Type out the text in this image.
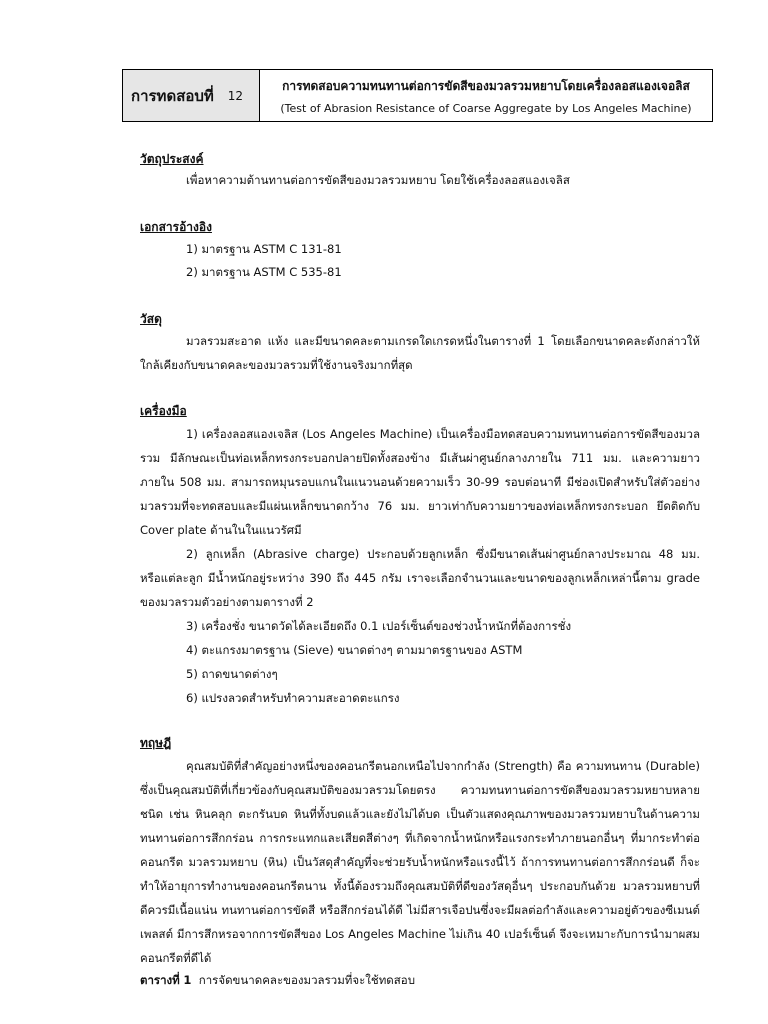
การทดสอบที่ 12
การทดสอบความทนทานต่อการขัดสีของมวลรวมหยาบโดยเครื่องลอสแองเจอลิส
(Test of Abrasion Resistance of Coarse Aggregate by Los Angeles Machine)
วัตถุประสงค์
เพื่อหาความต้านทานต่อการขัดสีของมวลรวมหยาบ โดยใช้เครื่องลอสแองเจลิส
เอกสารอ้างอิง
1) มาตรฐาน ASTM C 131-81
2) มาตรฐาน ASTM C 535-81
วัสดุ
มวลรวมสะอาด แห้ง และมีขนาดคละตามเกรดใดเกรดหนึ่งในตารางที่ 1 โดยเลือกขนาดคละดังกล่าวให้
ใกล้เคียงกับขนาดคละของมวลรวมที่ใช้งานจริงมากที่สุด
เครื่องมือ
1) เครื่องลอสแองเจลิส (Los Angeles Machine) เป็นเครื่องมือทดสอบความทนทานต่อการขัดสีของมวล
รวม มีลักษณะเป็นท่อเหล็กทรงกระบอกปลายปิดทั้งสองข้าง มีเส้นผ่าศูนย์กลางภายใน 711 มม. และความยาว
ภายใน 508 มม. สามารถหมุนรอบแกนในแนวนอนด้วยความเร็ว 30-99 รอบต่อนาที มีช่องเปิดสำหรับใส่ตัวอย่าง
มวลรวมที่จะทดสอบและมีแผ่นเหล็กขนาดกว้าง 76 มม. ยาวเท่ากับความยาวของท่อเหล็กทรงกระบอก ยึดติดกับ
Cover plate ด้านในในแนวรัศมี
2) ลูกเหล็ก (Abrasive charge) ประกอบด้วยลูกเหล็ก ซึ่งมีขนาดเส้นผ่าศูนย์กลางประมาณ 48 มม.
หรือแต่ละลูก มีน้ำหนักอยู่ระหว่าง 390 ถึง 445 กรัม เราจะเลือกจำนวนและขนาดของลูกเหล็กเหล่านี้ตาม grade
ของมวลรวมตัวอย่างตามตารางที่ 2
3) เครื่องชั่ง ขนาดวัดได้ละเอียดถึง 0.1 เปอร์เซ็นต์ของช่วงน้ำหนักที่ต้องการชั่ง
4) ตะแกรงมาตรฐาน (Sieve) ขนาดต่างๆ ตามมาตรฐานของ ASTM
5) ถาดขนาดต่างๆ
6) แปรงลวดสำหรับทำความสะอาดตะแกรง
ทฤษฎี
คุณสมบัติที่สำคัญอย่างหนึ่งของคอนกรีตนอกเหนือไปจากกำลัง (Strength) คือ ความทนทาน (Durable)
ซึ่งเป็นคุณสมบัติที่เกี่ยวข้องกับคุณสมบัติของมวลรวมโดยตรง ความทนทานต่อการขัดสีของมวลรวมหยาบหลาย
ชนิด เช่น หินคลุก ตะกรันบด หินที่ทั้งบดแล้วและยังไม่ได้บด เป็นตัวแสดงคุณภาพของมวลรวมหยาบในด้านความ
ทนทานต่อการสึกกร่อน การกระแทกและเสียดสีต่างๆ ที่เกิดจากน้ำหนักหรือแรงกระทำภายนอกอื่นๆ ที่มากระทำต่อ
คอนกรีต มวลรวมหยาบ (หิน) เป็นวัสดุสำคัญที่จะช่วยรับน้ำหนักหรือแรงนี้ไว้ ถ้าการทนทานต่อการสึกกร่อนดี ก็จะ
ทำให้อายุการทำงานของคอนกรีตนาน ทั้งนี้ต้องรวมถึงคุณสมบัติที่ดีของวัสดุอื่นๆ ประกอบกันด้วย มวลรวมหยาบที่
ดีควรมีเนื้อแน่น ทนทานต่อการขัดสี หรือสึกกร่อนได้ดี ไม่มีสารเจือปนซึ่งจะมีผลต่อกำลังและความอยู่ตัวของซีเมนต์
เพลสต์ มีการสึกหรอจากการขัดสีของ Los Angeles Machine ไม่เกิน 40 เปอร์เซ็นต์ จึงจะเหมาะกับการนำมาผสม
คอนกรีตที่ดีได้
ตารางที่ 1 การจัดขนาดคละของมวลรวมที่จะใช้ทดสอบ
